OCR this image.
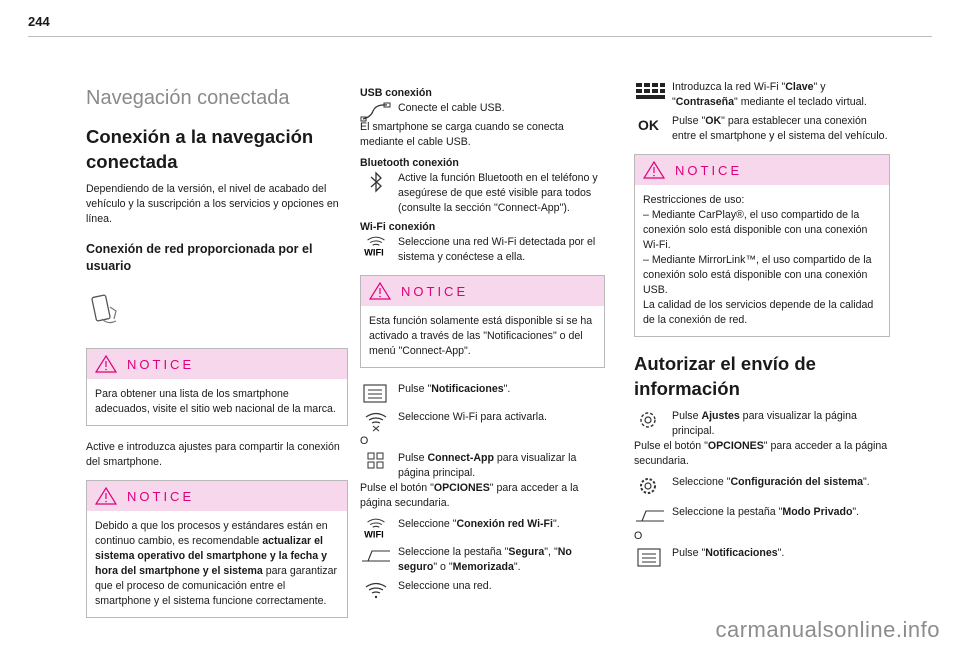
244
Navegación conectada
Conexión a la navegación conectada

Dependiendo de la versión, el nivel de acabado del vehículo y la suscripción a los servicios y opciones en línea.

Conexión de red proporcionada por el usuario
NOTICE
Para obtener una lista de los smartphone adecuados, visite el sitio web nacional de la marca.

Active e introduzca ajustes para compartir la conexión del smartphone.

NOTICE
Debido a que los procesos y estándares están en continuo cambio, es recomendable actualizar el sistema operativo del smartphone y la fecha y hora del smartphone y el sistema para garantizar que el proceso de comunicación entre el smartphone y el sistema funcione correctamente.
USB conexión
Conecte el cable USB.

El smartphone se carga cuando se conecta mediante el cable USB.

Bluetooth conexión
Active la función Bluetooth en el teléfono y asegúrese de que esté visible para todos (consulte la sección "Connect-App").
Wi-Fi conexión
WIFI
Seleccione una red Wi-Fi detectada por el sistema y conéctese a ella.
NOTICE
Esta función solamente está disponible si se ha activado a través de las "Notificaciones" o del menú "Connect-App".
Pulse "Notificaciones".
Seleccione Wi-Fi para activarla.
O
Pulse Connect-App para visualizar la página principal.

Pulse el botón "OPCIONES" para acceder a la página secundaria.

WIFI
Seleccione "Conexión red Wi-Fi".
Seleccione la pestaña "Segura", "No seguro" o "Memorizada".
Seleccione una red.
Introduzca la red Wi-Fi "Clave" y "Contraseña" mediante el teclado virtual.
OK	Pulse "OK" para establecer una conexión entre el smartphone y el sistema del vehículo.
NOTICE
Restricciones de uso:
– Mediante CarPlay®, el uso compartido de la conexión solo está disponible con una conexión Wi-Fi.
– Mediante MirrorLink™, el uso compartido de la conexión solo está disponible con una conexión USB.
La calidad de los servicios depende de la calidad de la conexión de red.
Autorizar el envío de información
Pulse Ajustes para visualizar la página principal.

Pulse el botón "OPCIONES" para acceder a la página secundaria.

Seleccione "Configuración del sistema".
Seleccione la pestaña "Modo Privado".
O
Pulse "Notificaciones".
carmanualsonline.info
